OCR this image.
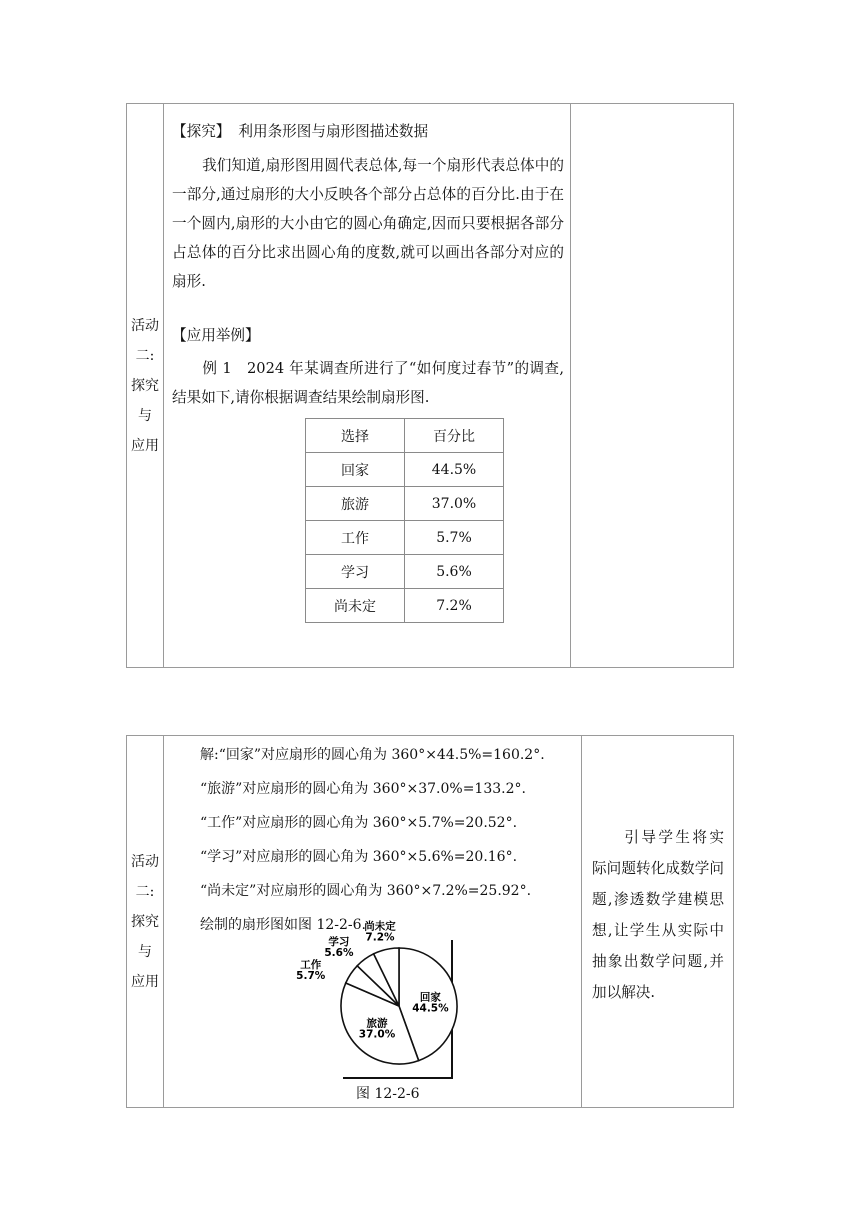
活动
二:
探究
与
应用
【探究】 利用条形图与扇形图描述数据
我们知道,扇形图用圆代表总体,每一个扇形代表总体中的一部分,通过扇形的大小反映各个部分占总体的百分比.由于在一个圆内,扇形的大小由它的圆心角确定,因而只要根据各部分占总体的百分比求出圆心角的度数,就可以画出各部分对应的扇形.
【应用举例】
例 1　2024 年某调查所进行了“如何度过春节”的调查,结果如下,请你根据调查结果绘制扇形图.
选择	百分比
回家	44.5%
旅游	37.0%
工作	5.7%
学习	5.6%
尚未定	7.2%
活动
二:
探究
与
应用
解:“回家”对应扇形的圆心角为 360°×44.5%=160.2°.
“旅游”对应扇形的圆心角为 360°×37.0%=133.2°.
“工作”对应扇形的圆心角为 360°×5.7%=20.52°.
“学习”对应扇形的圆心角为 360°×5.6%=20.16°.
“尚未定”对应扇形的圆心角为 360°×7.2%=25.92°.
绘制的扇形图如图 12-2-6.
回家
44.5%
旅游
37.0%
工作
5.7%
学习
5.6%
尚未定
7.2%
图 12-2-6
引导学生将实际问题转化成数学问题,渗透数学建模思想,让学生从实际中抽象出数学问题,并加以解决.
